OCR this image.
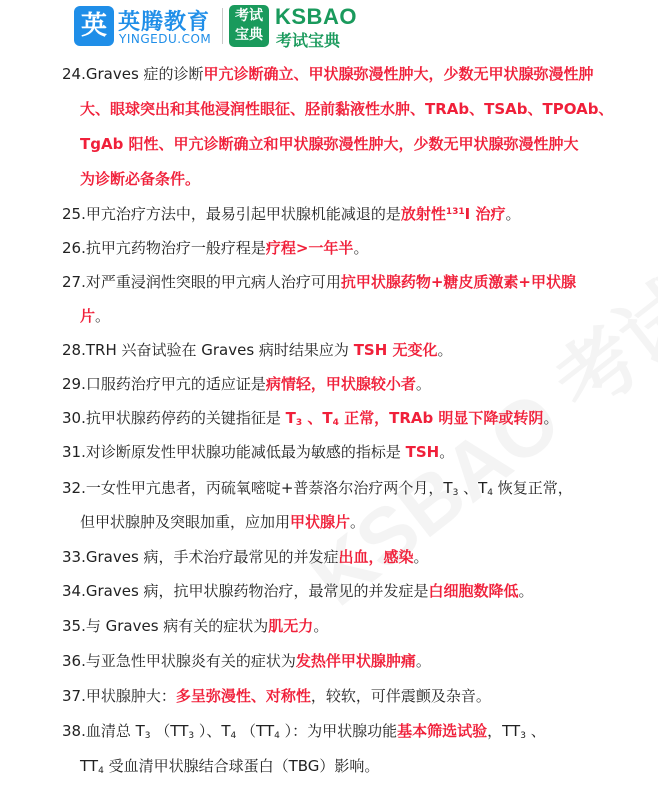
英 英腾教育
YINGEDU.COM
考试
宝典
KSBAO
考试宝典
24.Graves 症的诊断甲亢诊断确立、甲状腺弥漫性肿大，少数无甲状腺弥漫性肿
大、眼球突出和其他浸润性眼征、胫前黏液性水肿、TRAb、TSAb、TPOAb、
TgAb 阳性、甲亢诊断确立和甲状腺弥漫性肿大，少数无甲状腺弥漫性肿大
为诊断必备条件。
25.甲亢治疗方法中，最易引起甲状腺机能减退的是放射性$^{131}$I 治疗。
26.抗甲亢药物治疗一般疗程是疗程>一年半。
27.对严重浸润性突眼的甲亢病人治疗可用抗甲状腺药物+糖皮质激素+甲状腺
片。
28.TRH 兴奋试验在 Graves 病时结果应为 TSH 无变化。
29.口服药治疗甲亢的适应证是病情轻，甲状腺较小者。
30.抗甲状腺药停药的关键指征是 $T_3$ 、$T_4$ 正常，TRAb 明显下降或转阴。
31.对诊断原发性甲状腺功能减低最为敏感的指标是 TSH。
32.一女性甲亢患者，丙硫氧嘧啶+普萘洛尔治疗两个月，$T_3$ 、$T_4$ 恢复正常，
但甲状腺肿及突眼加重，应加用甲状腺片。
33.Graves 病，手术治疗最常见的并发症出血，感染。
34.Graves 病，抗甲状腺药物治疗，最常见的并发症是白细胞数降低。
35.与 Graves 病有关的症状为肌无力。
36.与亚急性甲状腺炎有关的症状为发热伴甲状腺肿痛。
37.甲状腺肿大：多呈弥漫性、对称性，较软，可伴震颤及杂音。
38.血清总 $T_3$ （$TT_3$ ）、$T_4$ （$TT_4$ ）：为甲状腺功能基本筛选试验，$TT_3$ 、
$TT_4$ 受血清甲状腺结合球蛋白（TBG）影响。
